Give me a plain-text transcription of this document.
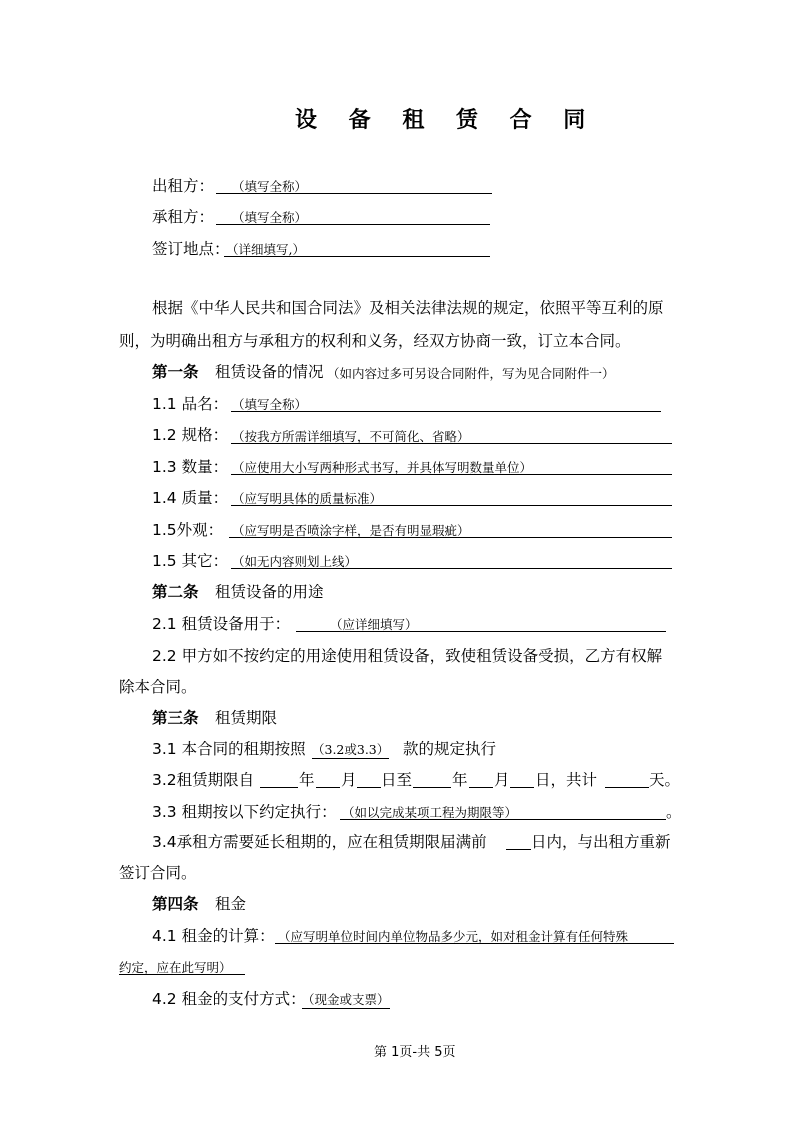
设 备 租 赁 合 同
出租方： （填写全称）
承租方： （填写全称）
签订地点：
（详细填写,）
根据《中华人民共和国合同法》及相关法律法规的规定，依照平等互利的原
则，为明确出租方与承租方的权利和义务，经双方协商一致，订立本合同。
第一条 租赁设备的情况 （如内容过多可另设合同附件，写为见合同附件一）
1.1 品名： （填写全称）
1.2 规格： （按我方所需详细填写，不可简化、省略）
1.3 数量： （应使用大小写两种形式书写，并具体写明数量单位）
1.4 质量： （应写明具体的质量标准）
1.5外观： （应写明是否喷涂字样，是否有明显瑕疵）
1.5 其它： （如无内容则划上线）
第二条 租赁设备的用途
2.1 租赁设备用于：	（应详细填写）
2.2 甲方如不按约定的用途使用租赁设备，致使租赁设备受损，乙方有权解
除本合同。
第三条 租赁期限
3.1 本合同的租期按照 （3.2或3.3） 款的规定执行
3.2租赁期限自	年 月 日至	年 月 日，共计	天。
3.3 租期按以下约定执行： （如以完成某项工程为期限等）	。
3.4承租方需要延长租期的，应在租赁期限届满前	日内，与出租方重新
签订合同。
第四条 租金
4.1 租金的计算： （应写明单位时间内单位物品多少元，如对租金计算有任何特殊
约定，应在此写明）
4.2 租金的支付方式：
（现金或支票）
第 1页-共 5页
